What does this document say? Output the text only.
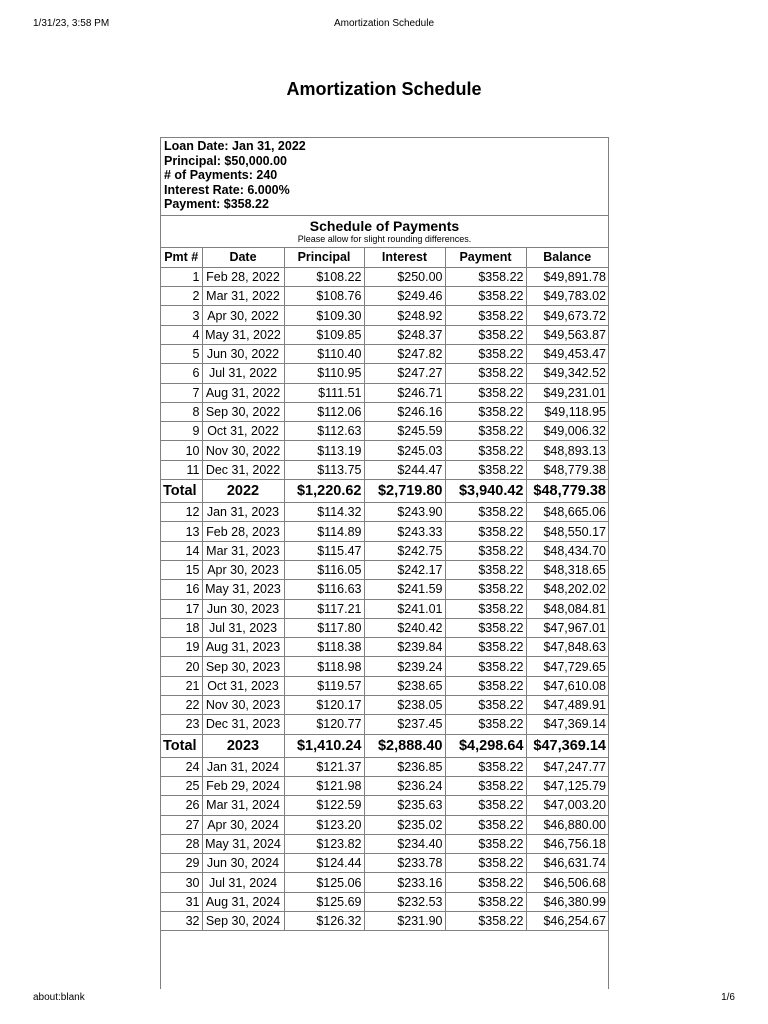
1/31/23, 3:58 PM	Amortization Schedule
Amortization Schedule
Loan Date: Jan 31, 2022
Principal: $50,000.00
# of Payments: 240
Interest Rate: 6.000%
Payment: $358.22
Schedule of Payments
Please allow for slight rounding differences.
Pmt #	Date	Principal	Interest	Payment	Balance
1	Feb 28, 2022	$108.22	$250.00	$358.22	$49,891.78
2	Mar 31, 2022	$108.76	$249.46	$358.22	$49,783.02
3	Apr 30, 2022	$109.30	$248.92	$358.22	$49,673.72
4	May 31, 2022	$109.85	$248.37	$358.22	$49,563.87
5	Jun 30, 2022	$110.40	$247.82	$358.22	$49,453.47
6	Jul 31, 2022	$110.95	$247.27	$358.22	$49,342.52
7	Aug 31, 2022	$111.51	$246.71	$358.22	$49,231.01
8	Sep 30, 2022	$112.06	$246.16	$358.22	$49,118.95
9	Oct 31, 2022	$112.63	$245.59	$358.22	$49,006.32
10	Nov 30, 2022	$113.19	$245.03	$358.22	$48,893.13
11	Dec 31, 2022	$113.75	$244.47	$358.22	$48,779.38
Total	2022	$1,220.62	$2,719.80	$3,940.42	$48,779.38
12	Jan 31, 2023	$114.32	$243.90	$358.22	$48,665.06
13	Feb 28, 2023	$114.89	$243.33	$358.22	$48,550.17
14	Mar 31, 2023	$115.47	$242.75	$358.22	$48,434.70
15	Apr 30, 2023	$116.05	$242.17	$358.22	$48,318.65
16	May 31, 2023	$116.63	$241.59	$358.22	$48,202.02
17	Jun 30, 2023	$117.21	$241.01	$358.22	$48,084.81
18	Jul 31, 2023	$117.80	$240.42	$358.22	$47,967.01
19	Aug 31, 2023	$118.38	$239.84	$358.22	$47,848.63
20	Sep 30, 2023	$118.98	$239.24	$358.22	$47,729.65
21	Oct 31, 2023	$119.57	$238.65	$358.22	$47,610.08
22	Nov 30, 2023	$120.17	$238.05	$358.22	$47,489.91
23	Dec 31, 2023	$120.77	$237.45	$358.22	$47,369.14
Total	2023	$1,410.24	$2,888.40	$4,298.64	$47,369.14
24	Jan 31, 2024	$121.37	$236.85	$358.22	$47,247.77
25	Feb 29, 2024	$121.98	$236.24	$358.22	$47,125.79
26	Mar 31, 2024	$122.59	$235.63	$358.22	$47,003.20
27	Apr 30, 2024	$123.20	$235.02	$358.22	$46,880.00
28	May 31, 2024	$123.82	$234.40	$358.22	$46,756.18
29	Jun 30, 2024	$124.44	$233.78	$358.22	$46,631.74
30	Jul 31, 2024	$125.06	$233.16	$358.22	$46,506.68
31	Aug 31, 2024	$125.69	$232.53	$358.22	$46,380.99
32	Sep 30, 2024	$126.32	$231.90	$358.22	$46,254.67
about:blank	1/6
